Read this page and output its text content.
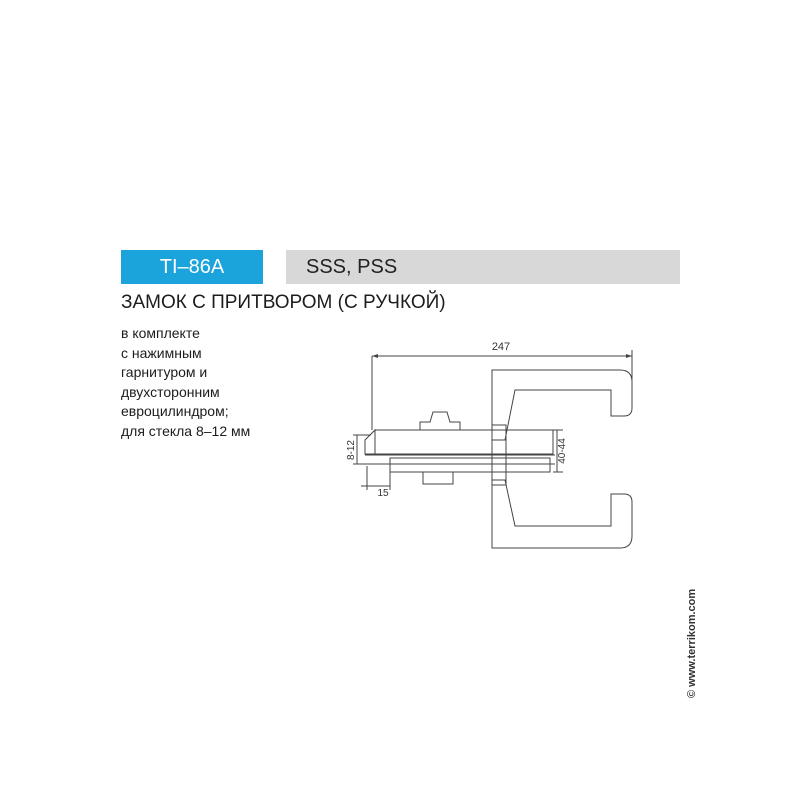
TI–86A	SSS, PSS
ЗАМОК С ПРИТВОРОМ (С РУЧКОЙ)
в комплекте
с нажимным
гарнитуром и
двухсторонним
евроцилиндром;
для стекла 8–12 мм
247
8-12
15
40-44
© www.terrikom.com
